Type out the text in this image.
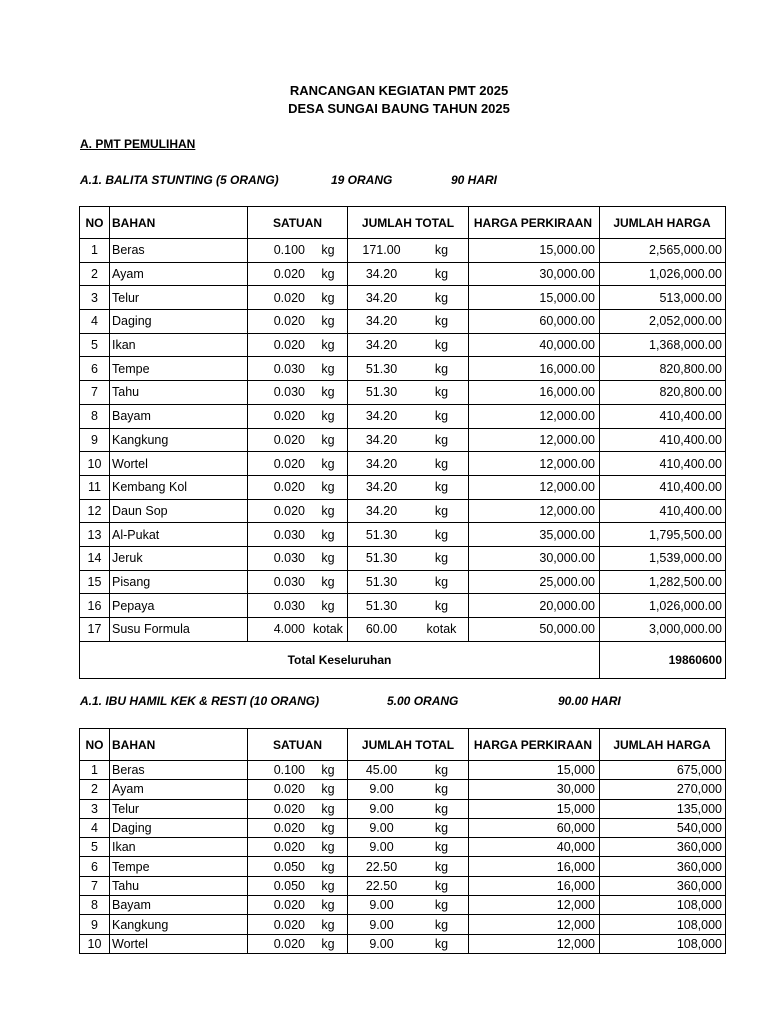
RANCANGAN KEGIATAN PMT 2025
DESA SUNGAI BAUNG TAHUN 2025
A. PMT PEMULIHAN
A.1. BALITA STUNTING (5 ORANG)	19 ORANG	90 HARI
NO	BAHAN	SATUAN		JUMLAH TOTAL		HARGA PERKIRAAN	JUMLAH HARGA
1	Beras	0.100	kg	171.00	kg	15,000.00	2,565,000.00
2	Ayam	0.020	kg	34.20	kg	30,000.00	1,026,000.00
3	Telur	0.020	kg	34.20	kg	15,000.00	513,000.00
4	Daging	0.020	kg	34.20	kg	60,000.00	2,052,000.00
5	Ikan	0.020	kg	34.20	kg	40,000.00	1,368,000.00
6	Tempe	0.030	kg	51.30	kg	16,000.00	820,800.00
7	Tahu	0.030	kg	51.30	kg	16,000.00	820,800.00
8	Bayam	0.020	kg	34.20	kg	12,000.00	410,400.00
9	Kangkung	0.020	kg	34.20	kg	12,000.00	410,400.00
10	Wortel	0.020	kg	34.20	kg	12,000.00	410,400.00
11	Kembang Kol	0.020	kg	34.20	kg	12,000.00	410,400.00
12	Daun Sop	0.020	kg	34.20	kg	12,000.00	410,400.00
13	Al-Pukat	0.030	kg	51.30	kg	35,000.00	1,795,500.00
14	Jeruk	0.030	kg	51.30	kg	30,000.00	1,539,000.00
15	Pisang	0.030	kg	51.30	kg	25,000.00	1,282,500.00
16	Pepaya	0.030	kg	51.30	kg	20,000.00	1,026,000.00
17	Susu Formula	4.000	kotak	60.00	kotak	50,000.00	3,000,000.00
Total Keseluruhan							19860600
A.1. IBU HAMIL KEK & RESTI (10 ORANG)	5.00 ORANG	90.00 HARI
NO	BAHAN	SATUAN		JUMLAH TOTAL		HARGA PERKIRAAN	JUMLAH HARGA
1	Beras	0.100	kg	45.00	kg	15,000	675,000
2	Ayam	0.020	kg	9.00	kg	30,000	270,000
3	Telur	0.020	kg	9.00	kg	15,000	135,000
4	Daging	0.020	kg	9.00	kg	60,000	540,000
5	Ikan	0.020	kg	9.00	kg	40,000	360,000
6	Tempe	0.050	kg	22.50	kg	16,000	360,000
7	Tahu	0.050	kg	22.50	kg	16,000	360,000
8	Bayam	0.020	kg	9.00	kg	12,000	108,000
9	Kangkung	0.020	kg	9.00	kg	12,000	108,000
10	Wortel	0.020	kg	9.00	kg	12,000	108,000
